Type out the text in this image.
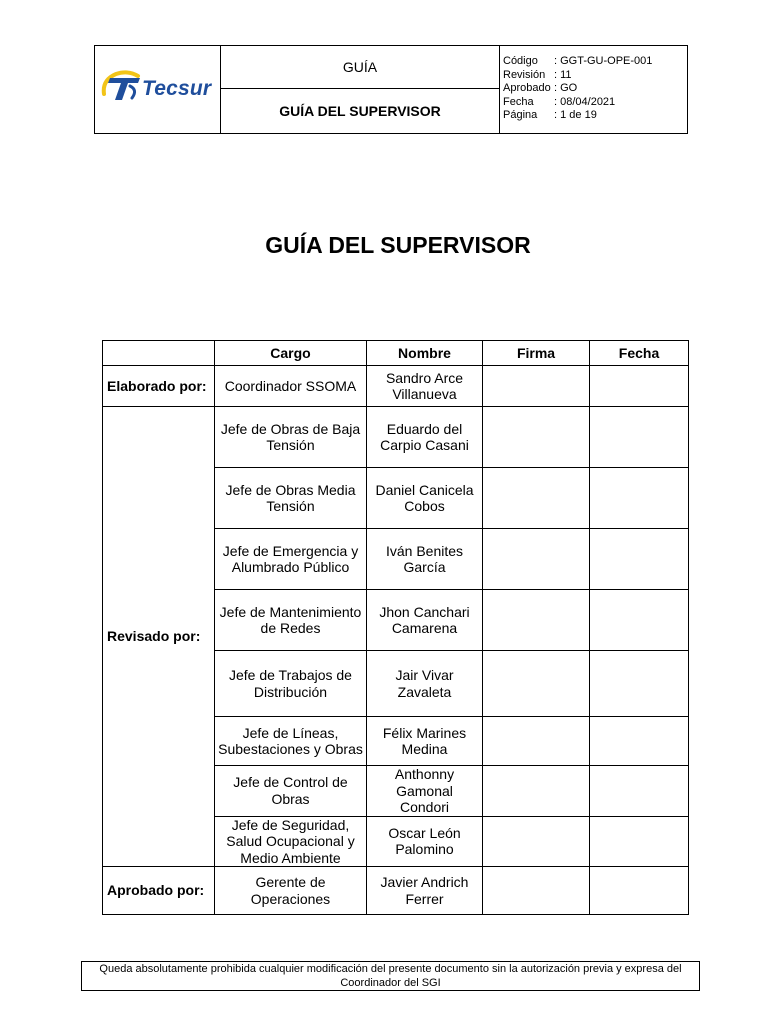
Tecsur
GUÍA
GUÍA DEL SUPERVISOR
Código	: GGT-GU-OPE-001
Revisión : 11
Aprobado : GO
Fecha	: 08/04/2021
Página	: 1 de 19
GUÍA DEL SUPERVISOR
	Cargo	Nombre	Firma	Fecha
Elaborado por:	Coordinador SSOMA	Sandro Arce Villanueva		
Revisado por:	Jefe de Obras de Baja Tensión	Eduardo del Carpio Casani		
	Jefe de Obras Media Tensión	Daniel Canicela Cobos		
	Jefe de Emergencia y Alumbrado Público	Iván Benites García		
	Jefe de Mantenimiento de Redes	Jhon Canchari Camarena		
	Jefe de Trabajos de Distribución	Jair Vivar Zavaleta		
	Jefe de Líneas, Subestaciones y Obras	Félix Marines Medina		
	Jefe de Control de Obras	Anthonny Gamonal Condori		
	Jefe de Seguridad, Salud Ocupacional y Medio Ambiente	Oscar León Palomino		
Aprobado por:	Gerente de Operaciones	Javier Andrich Ferrer		
Queda absolutamente prohibida cualquier modificación del presente documento sin la autorización previa y expresa del Coordinador del SGI
